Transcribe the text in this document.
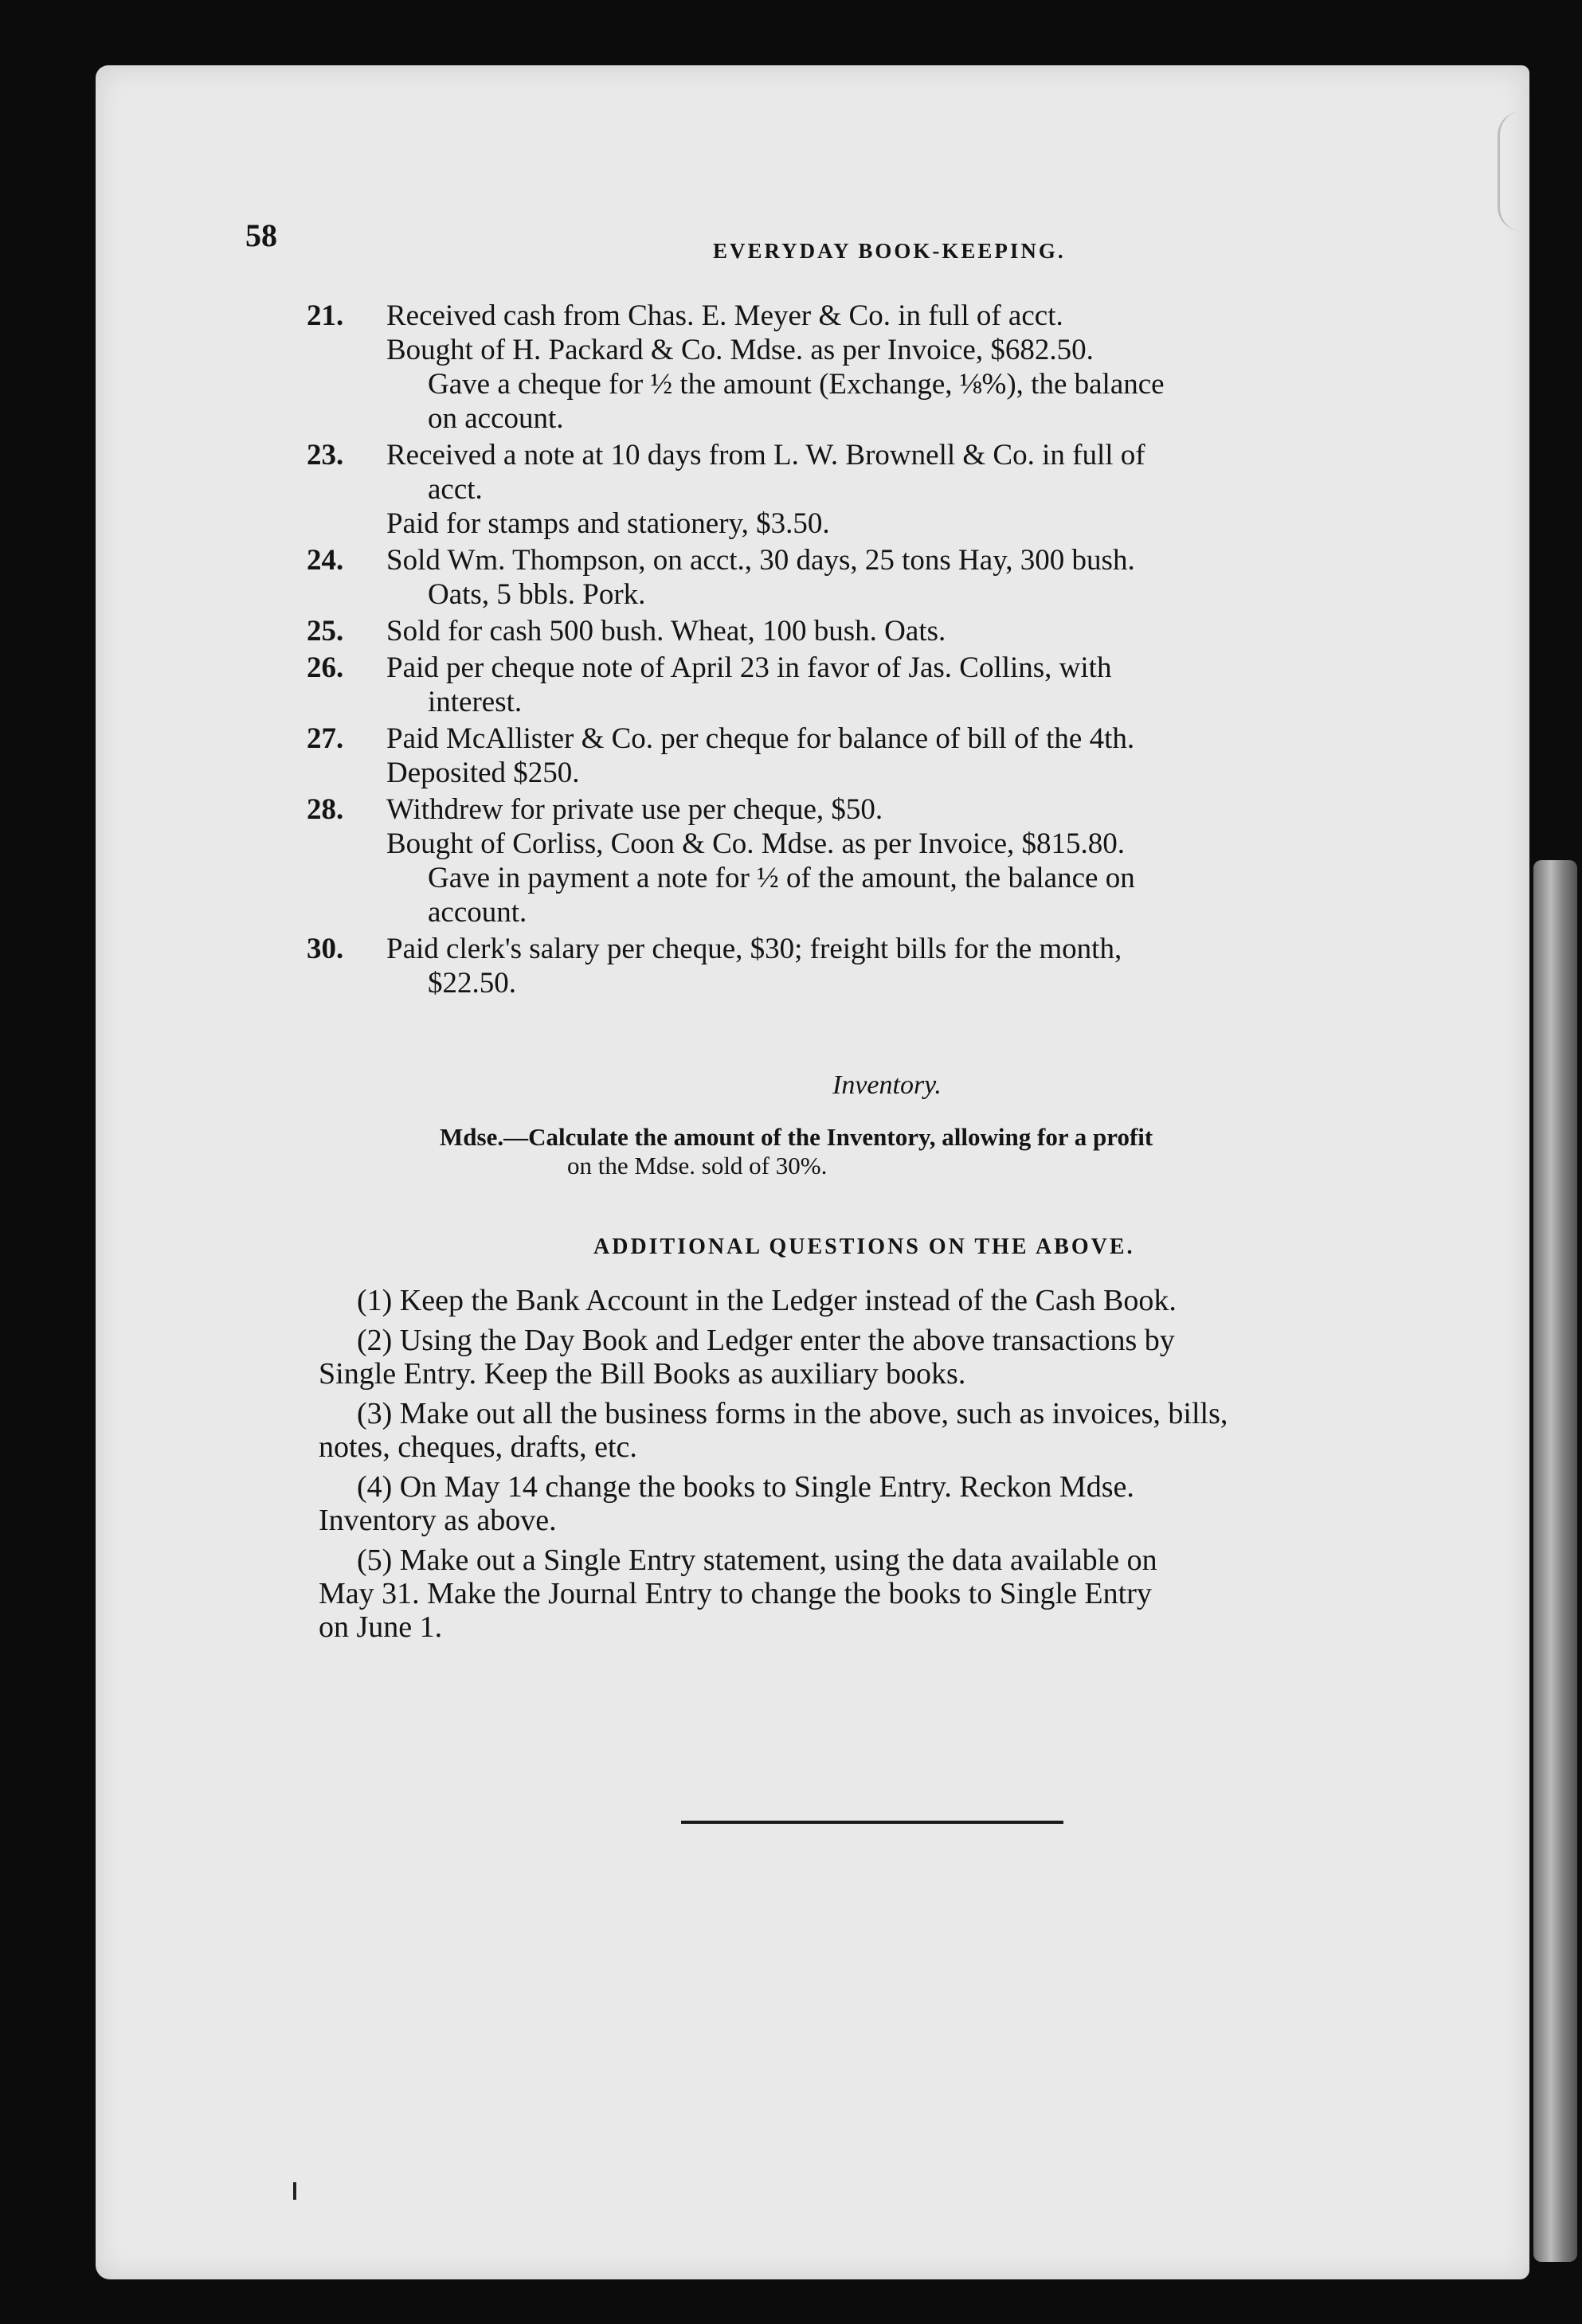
58	EVERYDAY BOOK-KEEPING.
21. Received cash from Chas. E. Meyer & Co. in full of acct.
Bought of H. Packard & Co. Mdse. as per Invoice, $682.50.
Gave a cheque for ½ the amount (Exchange, ⅛%), the balance
on account.
23. Received a note at 10 days from L. W. Brownell & Co. in full of
acct.
Paid for stamps and stationery, $3.50.
24. Sold Wm. Thompson, on acct., 30 days, 25 tons Hay, 300 bush.
Oats, 5 bbls. Pork.
25. Sold for cash 500 bush. Wheat, 100 bush. Oats.
26. Paid per cheque note of April 23 in favor of Jas. Collins, with
interest.
27. Paid McAllister & Co. per cheque for balance of bill of the 4th.
Deposited $250.
28. Withdrew for private use per cheque, $50.
Bought of Corliss, Coon & Co. Mdse. as per Invoice, $815.80.
Gave in payment a note for ½ of the amount, the balance on
account.
30. Paid clerk's salary per cheque, $30; freight bills for the month,
$22.50.
Inventory.
Mdse.—Calculate the amount of the Inventory, allowing for a profit
on the Mdse. sold of 30%.
ADDITIONAL QUESTIONS ON THE ABOVE.
(1) Keep the Bank Account in the Ledger instead of the Cash Book.
(2) Using the Day Book and Ledger enter the above transactions by
Single Entry. Keep the Bill Books as auxiliary books.
(3) Make out all the business forms in the above, such as invoices, bills,
notes, cheques, drafts, etc.
(4) On May 14 change the books to Single Entry. Reckon Mdse.
Inventory as above.
(5) Make out a Single Entry statement, using the data available on
May 31. Make the Journal Entry to change the books to Single Entry
on June 1.
